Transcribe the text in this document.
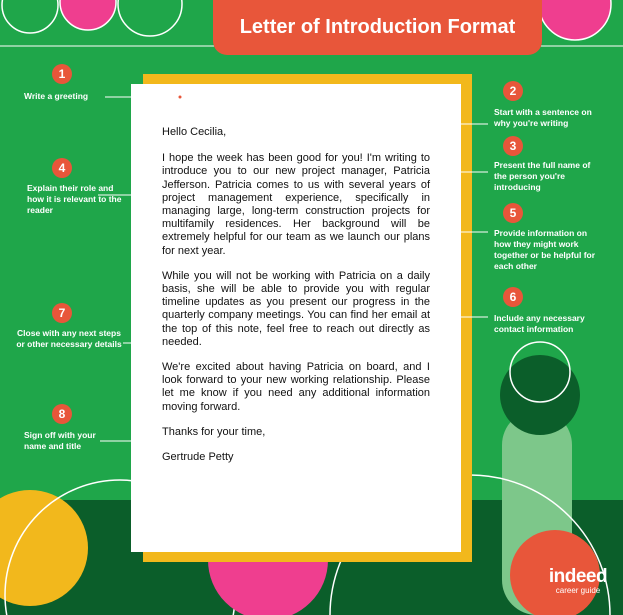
Letter of Introduction Format

Hello Cecilia,

I hope the week has been good for you! I'm writing to introduce you to our new project manager, Patricia Jefferson. Patricia comes to us with several years of project management experience, specifically in managing large, long-term construction projects for multifamily residences. Her background will be extremely helpful for our team as we launch our plans for next year.

While you will not be working with Patricia on a daily basis, she will be able to provide you with regular timeline updates as you present our progress in the quarterly company meetings. You can find her email at the top of this note, feel free to reach out directly as needed.

We're excited about having Patricia on board, and I look forward to your new working relationship. Please let me know if you need any additional information moving forward.

Thanks for your time,

Gertrude Petty

1
Write a greeting	2
Start with a sentence on why you're writing
3
Present the full name of the person you're introducing
4
Explain their role and how it is relevant to the reader	5
Provide information on how they might work together or be helpful for each other
6
Include any necessary contact information
7
Close with any next steps or other necessary details
8
Sign off with your name and title
indeed
career guide
